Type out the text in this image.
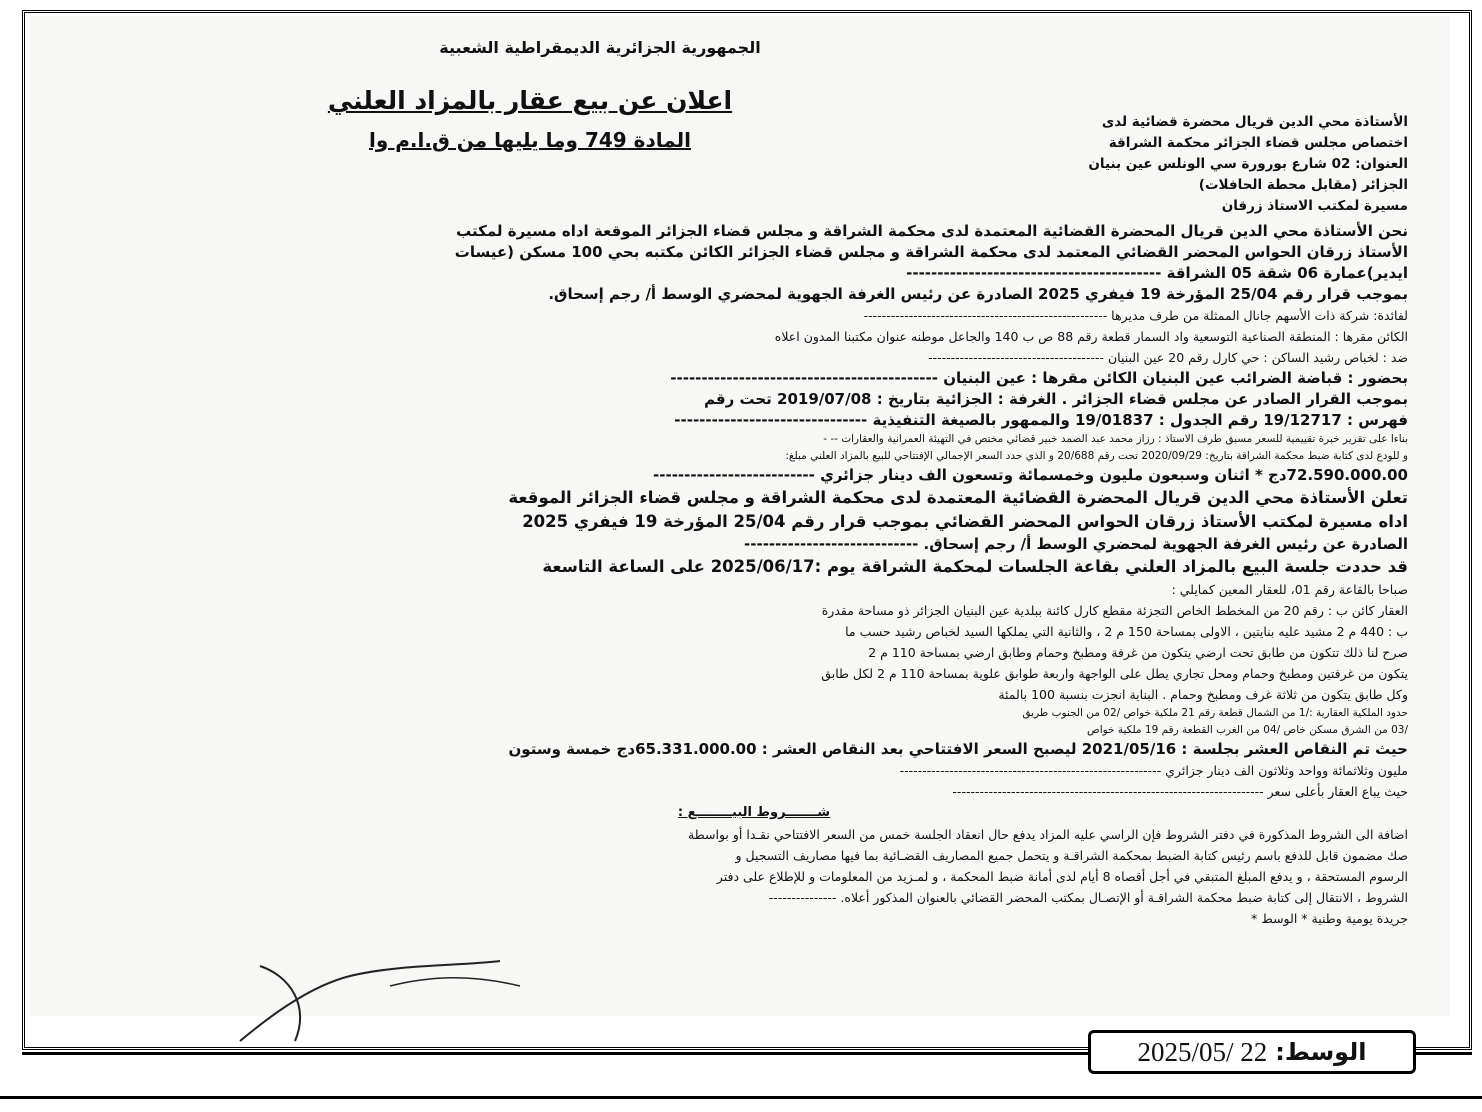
الجمهورية الجزائرية الديمقراطية الشعبية
اعلان عن بيع عقار بالمزاد العلني
المادة 749 وما يليها من ق.ا.م وا
الأستاذة محي الدين قريال محضرة قضائية لدى
اختصاص مجلس قضاء الجزائر محكمة الشراقة
العنوان: 02 شارع بورورة سي الونلس عين بنيان
الجزائر (مقابل محطة الحافلات)
مسيرة لمكتب الاستاذ زرقان
نحن الأستاذة محي الدين قريال المحضرة القضائية المعتمدة لدى محكمة الشراقة و مجلس قضاء الجزائر الموقعة اداه مسيرة لمكتب
الأستاذ زرقان الحواس المحضر القضائي المعتمد لدى محكمة الشراقة و مجلس قضاء الجزائر الكائن مكتبه بحي 100 مسكن (عيسات
ايدير)عمارة 06 شقة 05 الشراقة -----------------------------------------
بموجب قرار رقم 25/04 المؤرخة 19 فيفري 2025 الصادرة عن رئيس الغرفة الجهوية لمحضري الوسط أ/ رجم إسحاق.
لفائدة: شركة ذات الأسهم جانال الممثلة من طرف مديرها ------------------------------------------------------
الكائن مقرها : المنطقة الصناعية التوسعية واد السمار قطعة رقم 88 ص ب 140 والجاعل موطنه عنوان مكتبنا المدون اعلاه
ضد : لخباص رشيد الساكن : حي كارل رقم 20 عين البنيان ---------------------------------------
بحضور : قباضة الضرائب عين البنيان الكائن مقرها : عين البنيان -------------------------------------------
بموجب القرار الصادر عن مجلس قضاء الجزائر . الغرفة : الجزائية بتاريخ : 2019/07/08 تحت رقم
فهرس : 19/12717 رقم الجدول : 19/01837 والممهور بالصيغة التنفيذية -------------------------------
بناءا على تقرير خبرة تقييمية للسعر مسبق طرف الاستاذ : رزاز محمد عبد الصمد خبير قضائي مختص في التهيئة العمرانية والعقارات -- -
و للودع لدى كتابة ضبط محكمة الشراقة بتاريخ: 2020/09/29 تحت رقم 20/688 و الذي حدد السعر الإجمالي الإفتتاحي للبيع بالمزاد العلني مبلغ:
72.590.000.00دج * اثنان وسبعون مليون وخمسمائة وتسعون الف دينار جزائري --------------------------
تعلن الأستاذة محي الدين قريال المحضرة القضائية المعتمدة لدى محكمة الشراقة و مجلس قضاء الجزائر الموقعة
اداه مسيرة لمكتب الأستاذ زرقان الحواس المحضر القضائي بموجب قرار رقم 25/04 المؤرخة 19 فيفري 2025
الصادرة عن رئيس الغرفة الجهوية لمحضري الوسط أ/ رجم إسحاق. ----------------------------
قد حددت جلسة البيع بالمزاد العلني بقاعة الجلسات لمحكمة الشراقة يوم :2025/06/17 على الساعة التاسعة
صباحا بالقاعة رقم 01، للعقار المعين كمايلي :
العقار كائن ب : رقم 20 من المخطط الخاص التجزئة مقطع كارل كائنة ببلدية عين البنيان الجزائر ذو مساحة مقدرة
ب : 440 م 2 مشيد عليه بنايتين ، الاولى بمساحة 150 م 2 ، والثانية التي يملكها السيد لخباص رشيد حسب ما
صرح لنا ذلك تتكون من طابق تحت ارضي يتكون من غرفة ومطبخ وحمام وطابق ارضي بمساحة 110 م 2
يتكون من غرفتين ومطبخ وحمام ومحل تجاري يطل على الواجهة واربعة طوابق علوية بمساحة 110 م 2 لكل طابق
وكل طابق يتكون من ثلاثة غرف ومطبخ وحمام . البناية انجزت بنسبة 100 بالمئة
حدود الملكية العقارية :/1 من الشمال قطعة رقم 21 ملكية خواص /02 من الجنوب طريق
/03 من الشرق مسكن خاص /04 من الغرب القطعة رقم 19 ملكية خواص
حيث تم النقاص العشر بجلسة : 2021/05/16 ليصبح السعر الافتتاحي بعد النقاص العشر : 65.331.000.00دج خمسة وستون
مليون وثلاثمائة وواحد وثلاثون الف دينار جزائري ----------------------------------------------------------
حيث يباع العقار بأعلى سعر ---------------------------------------------------------------------
شـــــــروط البيــــــــع :
اضافة الى الشروط المذكورة في دفتر الشروط فإن الراسي عليه المزاد يدفع حال انعقاد الجلسة خمس من السعر الافتتاحي نقـدا أو بواسطة
صك مضمون قابل للدفع باسم رئيس كتابة الضبط بمحكمة الشراقـة و يتحمل جميع المصاريف القضـائية بما فيها مصاريف التسجيل و
الرسوم المستحقة ، و يدفع المبلغ المتبقي في أجل أقصاه 8 أيام لدى أمانة ضبط المحكمة ، و لمـزيد من المعلومات و للإطلاع على دفتر
الشروط ، الانتقال إلى كتابة ضبط محكمة الشراقـة أو الإتصـال بمكتب المحضر القضائي بالعنوان المذكور أعلاه. ---------------
جريدة يومية وطنية * الوسط *
2025/05/ 22 الوسط:
